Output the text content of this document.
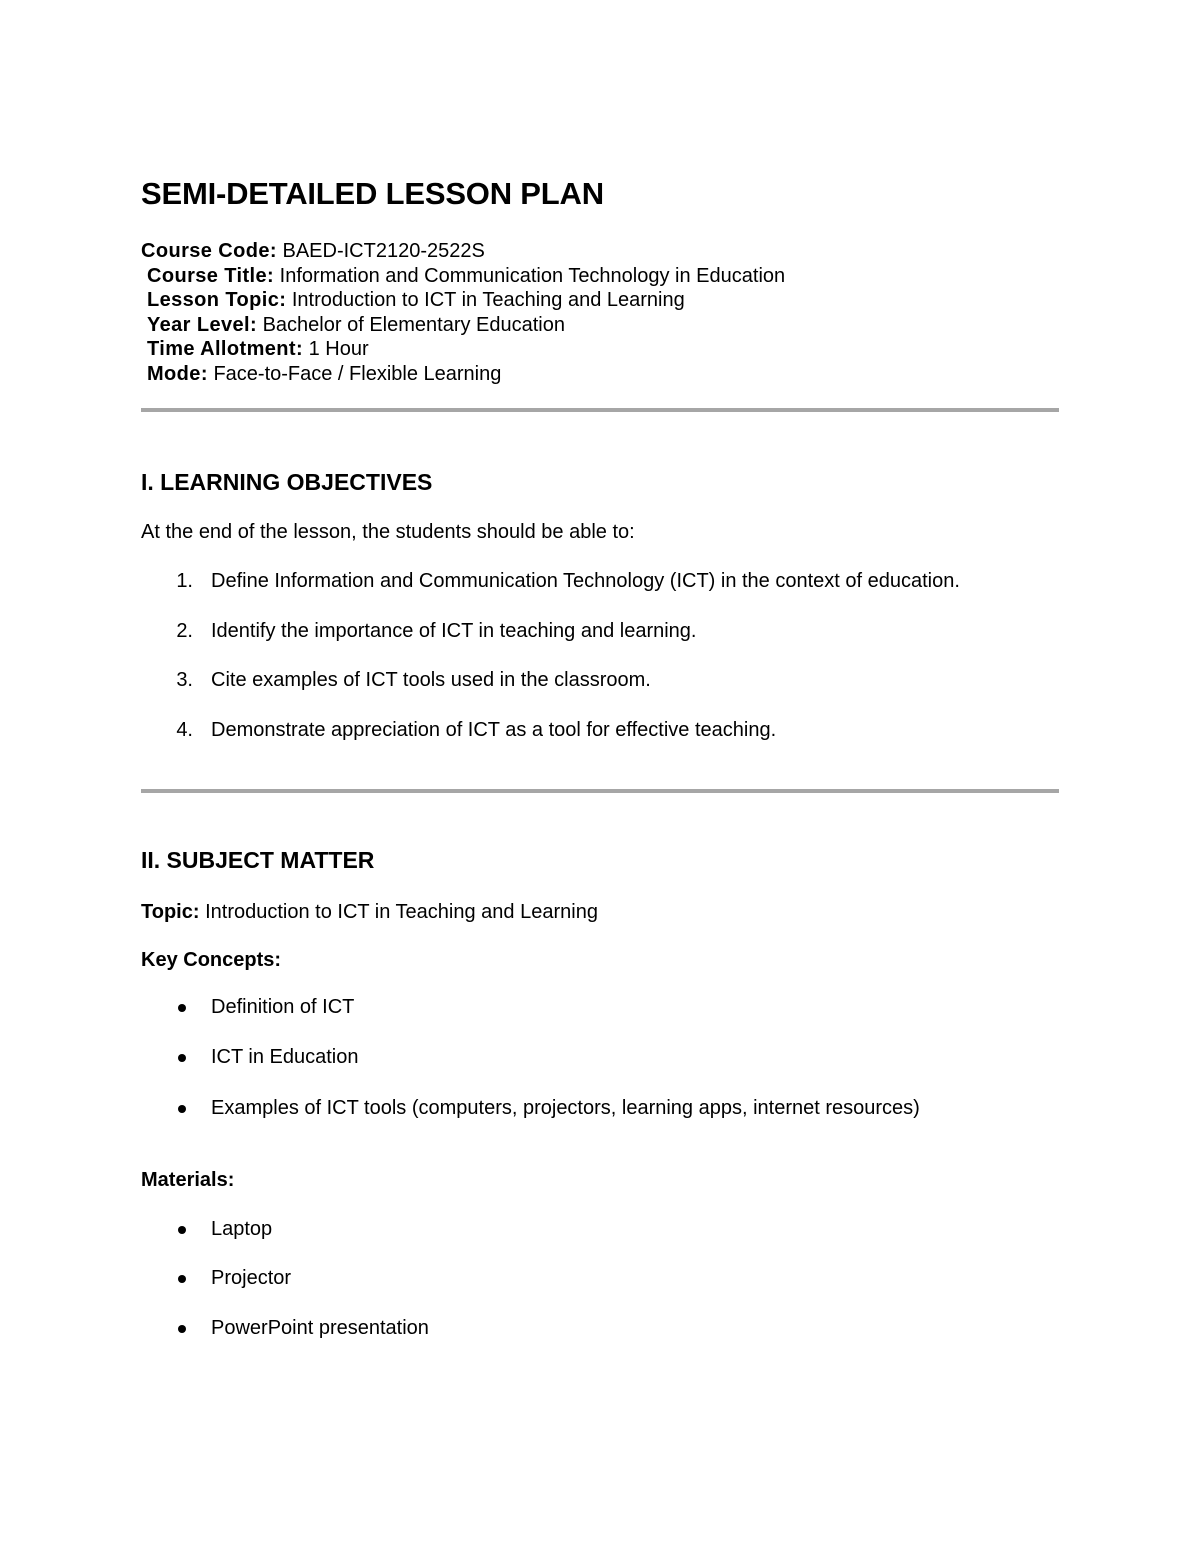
SEMI-DETAILED LESSON PLAN
Course Code: BAED-ICT2120-2522S
Course Title: Information and Communication Technology in Education
Lesson Topic: Introduction to ICT in Teaching and Learning
Year Level: Bachelor of Elementary Education
Time Allotment: 1 Hour
Mode: Face-to-Face / Flexible Learning
I. LEARNING OBJECTIVES
At the end of the lesson, the students should be able to:
1. Define Information and Communication Technology (ICT) in the context of education.
2. Identify the importance of ICT in teaching and learning.
3. Cite examples of ICT tools used in the classroom.
4. Demonstrate appreciation of ICT as a tool for effective teaching.
II. SUBJECT MATTER
Topic: Introduction to ICT in Teaching and Learning
Key Concepts:
Definition of ICT
ICT in Education
Examples of ICT tools (computers, projectors, learning apps, internet resources)
Materials:
Laptop
Projector
PowerPoint presentation
